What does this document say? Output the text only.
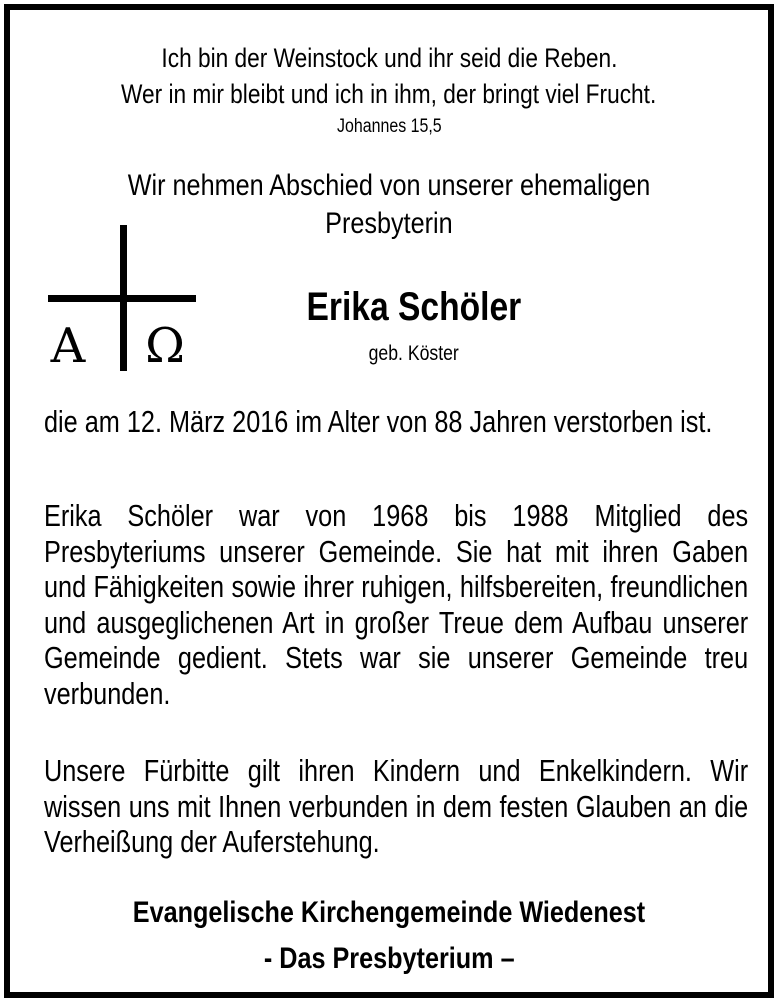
Ich bin der Weinstock und ihr seid die Reben.
Wer in mir bleibt und ich in ihm, der bringt viel Frucht.
Johannes 15,5
Wir nehmen Abschied von unserer ehemaligen
Presbyterin
A Ω
Erika Schöler
geb. Köster

die am 12. März 2016 im Alter von 88 Jahren verstorben ist.

Erika Schöler war von 1968 bis 1988 Mitglied des Presbyteriums unserer Gemeinde. Sie hat mit ihren Gaben und Fähigkeiten sowie ihrer ruhigen, hilfsbereiten, freundlichen und ausgeglichenen Art in großer Treue dem Aufbau unserer Gemeinde gedient. Stets war sie unserer Gemeinde treu verbunden.

Unsere Fürbitte gilt ihren Kindern und Enkelkindern. Wir wissen uns mit Ihnen verbunden in dem festen Glauben an die Verheißung der Auferstehung.

Evangelische Kirchengemeinde Wiedenest
- Das Presbyterium –
